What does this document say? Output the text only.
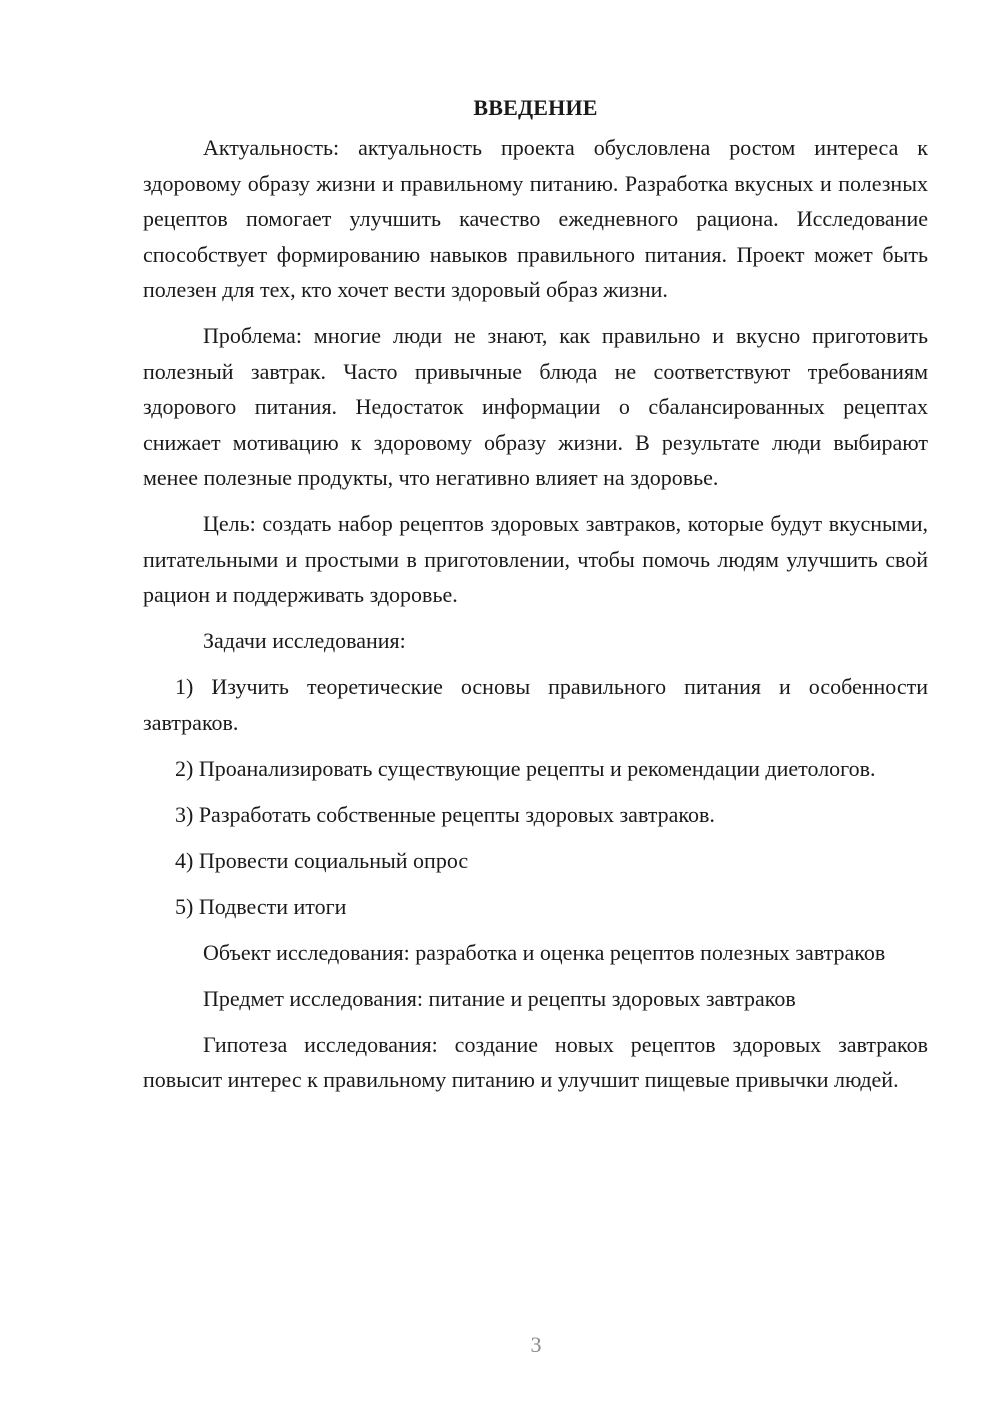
ВВЕДЕНИЕ

Актуальность: актуальность проекта обусловлена ростом интереса к здоровому образу жизни и правильному питанию. Разработка вкусных и полезных рецептов помогает улучшить качество ежедневного рациона. Исследование способствует формированию навыков правильного питания. Проект может быть полезен для тех, кто хочет вести здоровый образ жизни.

Проблема: многие люди не знают, как правильно и вкусно приготовить полезный завтрак. Часто привычные блюда не соответствуют требованиям здорового питания. Недостаток информации о сбалансированных рецептах снижает мотивацию к здоровому образу жизни. В результате люди выбирают менее полезные продукты, что негативно влияет на здоровье.

Цель: создать набор рецептов здоровых завтраков, которые будут вкусными, питательными и простыми в приготовлении, чтобы помочь людям улучшить свой рацион и поддерживать здоровье.

Задачи исследования:

1) Изучить теоретические основы правильного питания и особенности завтраков.

2) Проанализировать существующие рецепты и рекомендации диетологов.

3) Разработать собственные рецепты здоровых завтраков.

4) Провести социальный опрос

5) Подвести итоги

Объект исследования: разработка и оценка рецептов полезных завтраков

Предмет исследования: питание и рецепты здоровых завтраков

Гипотеза исследования: создание новых рецептов здоровых завтраков повысит интерес к правильному питанию и улучшит пищевые привычки людей.

3
